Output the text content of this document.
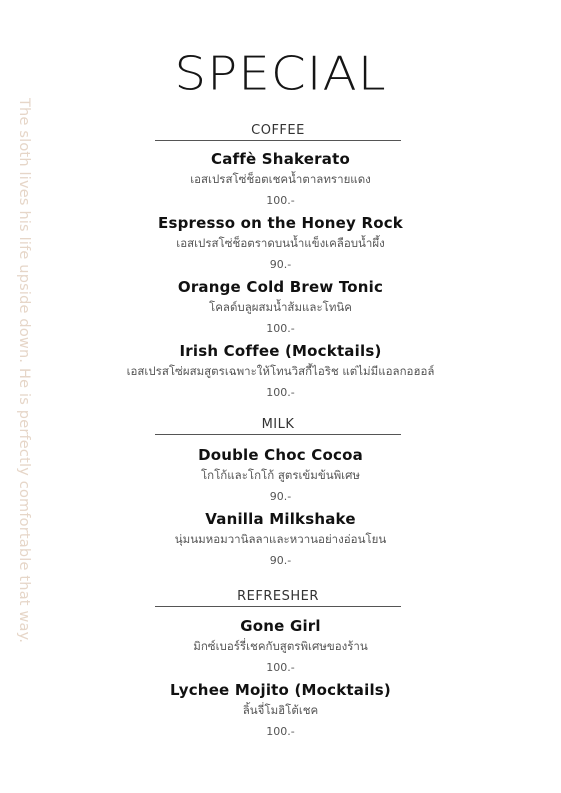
The sloth lives his life upside down. He is perfectly comfortable that way.
SPECIAL
COFFEE
Caffè Shakerato
เอสเปรสโซ่ช็อตเชคน้ำตาลทรายแดง
100.-
Espresso on the Honey Rock
เอสเปรสโซ่ช็อตราดบนน้ำแข็งเคลือบน้ำผึ้ง
90.-
Orange Cold Brew Tonic
โคลด์บลูผสมน้ำส้มและโทนิค
100.-
Irish Coffee (Mocktails)
เอสเปรสโซ่ผสมสูตรเฉพาะให้โทนวิสกี้ไอริช แต่ไม่มีแอลกอฮอล์
100.-
MILK
Double Choc Cocoa
โกโก้และโกโก้ สูตรเข้มข้นพิเศษ
90.-
Vanilla Milkshake
นุ่มนมหอมวานิลลาและหวานอย่างอ่อนโยน
90.-
REFRESHER
Gone Girl
มิกซ์เบอร์รี่เชคกับสูตรพิเศษของร้าน
100.-
Lychee Mojito (Mocktails)
ลิ้นจี่โมฮิโต้เชค
100.-
